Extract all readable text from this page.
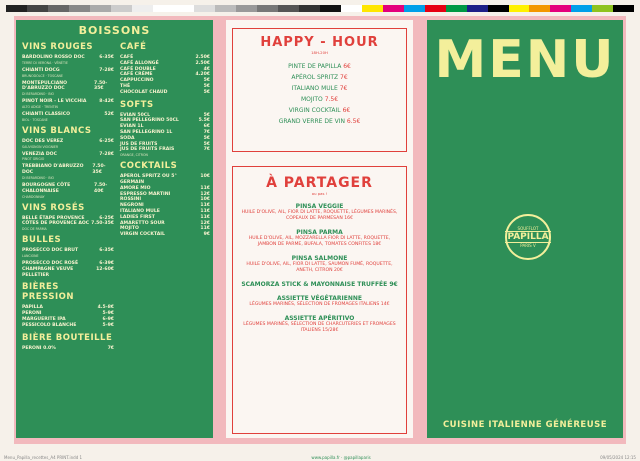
BOISSONS
VINS ROUGES
BARDOLINO ROSSO DOC	6-35€
TERRE DI VERONA · VÉNÉTIE
CHIANTI DOCG	7-28€
BRUNODOLCE · TOSCANE
MONTEPULCIANO D'ABRUZZO DOC
7.50-35€
DI BERARDINO · BIO
PINOT NOIR - LE VICCHIA	8-42€
ALTO ADIGE · TRENTIN
CHIANTI CLASSICO	52€
BIOL · TOSCANE
VINS BLANCS
DOC DES VEREZ	6-25€
SAUVIGNON VIOGNIER
VENEZIA DOC	7-28€
PINOT GRIGIO
TREBBIANO D'ABRUZZO DOC
7.50-35€
DI BERARDINO · BIO
BOURGOGNE CÔTE CHALONNAISE
7.50-40€
CHARDONNAY
VINS ROSÉS
BELLE ÉTAPE PROVENCE	6-25€
CÔTES DE PROVENCE AOC 7.50-35€
DOC DE PARMA
BULLES
PROSECCO DOC BRUT	6-35€
LANCIONE
PROSECCO DOC ROSÉ	6-39€
CHAMPAGNE VEUVE PELLETIER
12-60€
BIÈRES PRESSION
PAPILLA	4.5-8€
PERONI	5-9€
MARGUERITE IPA	6-9€
PESSICOLO BLANCHE	5-9€
BIÈRE BOUTEILLE
PERONI 0.0%	7€
CAFÉ
CAFÉ	2.50€
CAFÉ ALLONGÉ	2.50€
CAFÉ DOUBLE	4€
CAFÉ CRÈME	4.20€
CAPPUCCINO	5€
THÉ	5€
CHOCOLAT CHAUD	5€
SOFTS
EVIAN 50CL	5€
SAN PELLEGRINO 50CL	5.5€
EVIAN 1L	6€
SAN PELLEGRINO 1L	7€
SODA	5€
JUS DE FRUITS	5€
JUS DE FRUITS FRAIS	7€
ORANGE, CITRON
COCKTAILS
APEROL SPRITZ OU 5° GERMAIN
10€
AMORE MIO	11€
ESPRESSO MARTINI	12€
ROSSINI	10€
NEGRONI	11€
ITALIANO MULE	11€
LADIES FIRST	11€
AMARETTO SOUR	12€
MOJITO	11€
VIRGIN COCKTAIL	9€
HAPPY - HOUR
18H-20H
PINTE DE PAPILLA 6€
APÉROL SPRITZ 7€
ITALIANO MULE 7€
MOJITO 7.5€
VIRGIN COCKTAIL 6€
GRAND VERRE DE VIN 6.5€
À PARTAGER
ou pas !
PINSA VEGGIE
HUILE D'OLIVE, AIL, FIOR DI LATTE, ROQUETTE, LÉGUMES MARINÉS, COPEAUX DE PARMESAN 16€
PINSA PARMA
HUILE D'OLIVE, AIL, MOZZARELLA FIOR DI LATTE, ROQUETTE, JAMBON DE PARME, BUFALA, TOMATES CONFITES 18€
PINSA SALMONE
HUILE D'OLIVE, AIL, FIOR DI LATTE, SAUMON FUMÉ, ROQUETTE, ANETH, CITRON 20€
SCAMORZA STICK & MAYONNAISE TRUFFÉE 9€
ASSIETTE VÉGÉTARIENNE
LÉGUMES MARINÉS, SÉLECTION DE FROMAGES ITALIENS 14€
ASSIETTE APÉRITIVO
LÉGUMES MARINÉS, SÉLECTION DE CHARCUTERIES ET FROMAGES ITALIENS 15/28€
MENU
SOUFFLOT
PAPILLA
PARIS V
CUISINE ITALIENNE GÉNÉREUSE
Menu_Papilla_recettes_A4 PRINT.indd 1	www.papilla.fr · @papillaparis	09/05/2024 12:15
